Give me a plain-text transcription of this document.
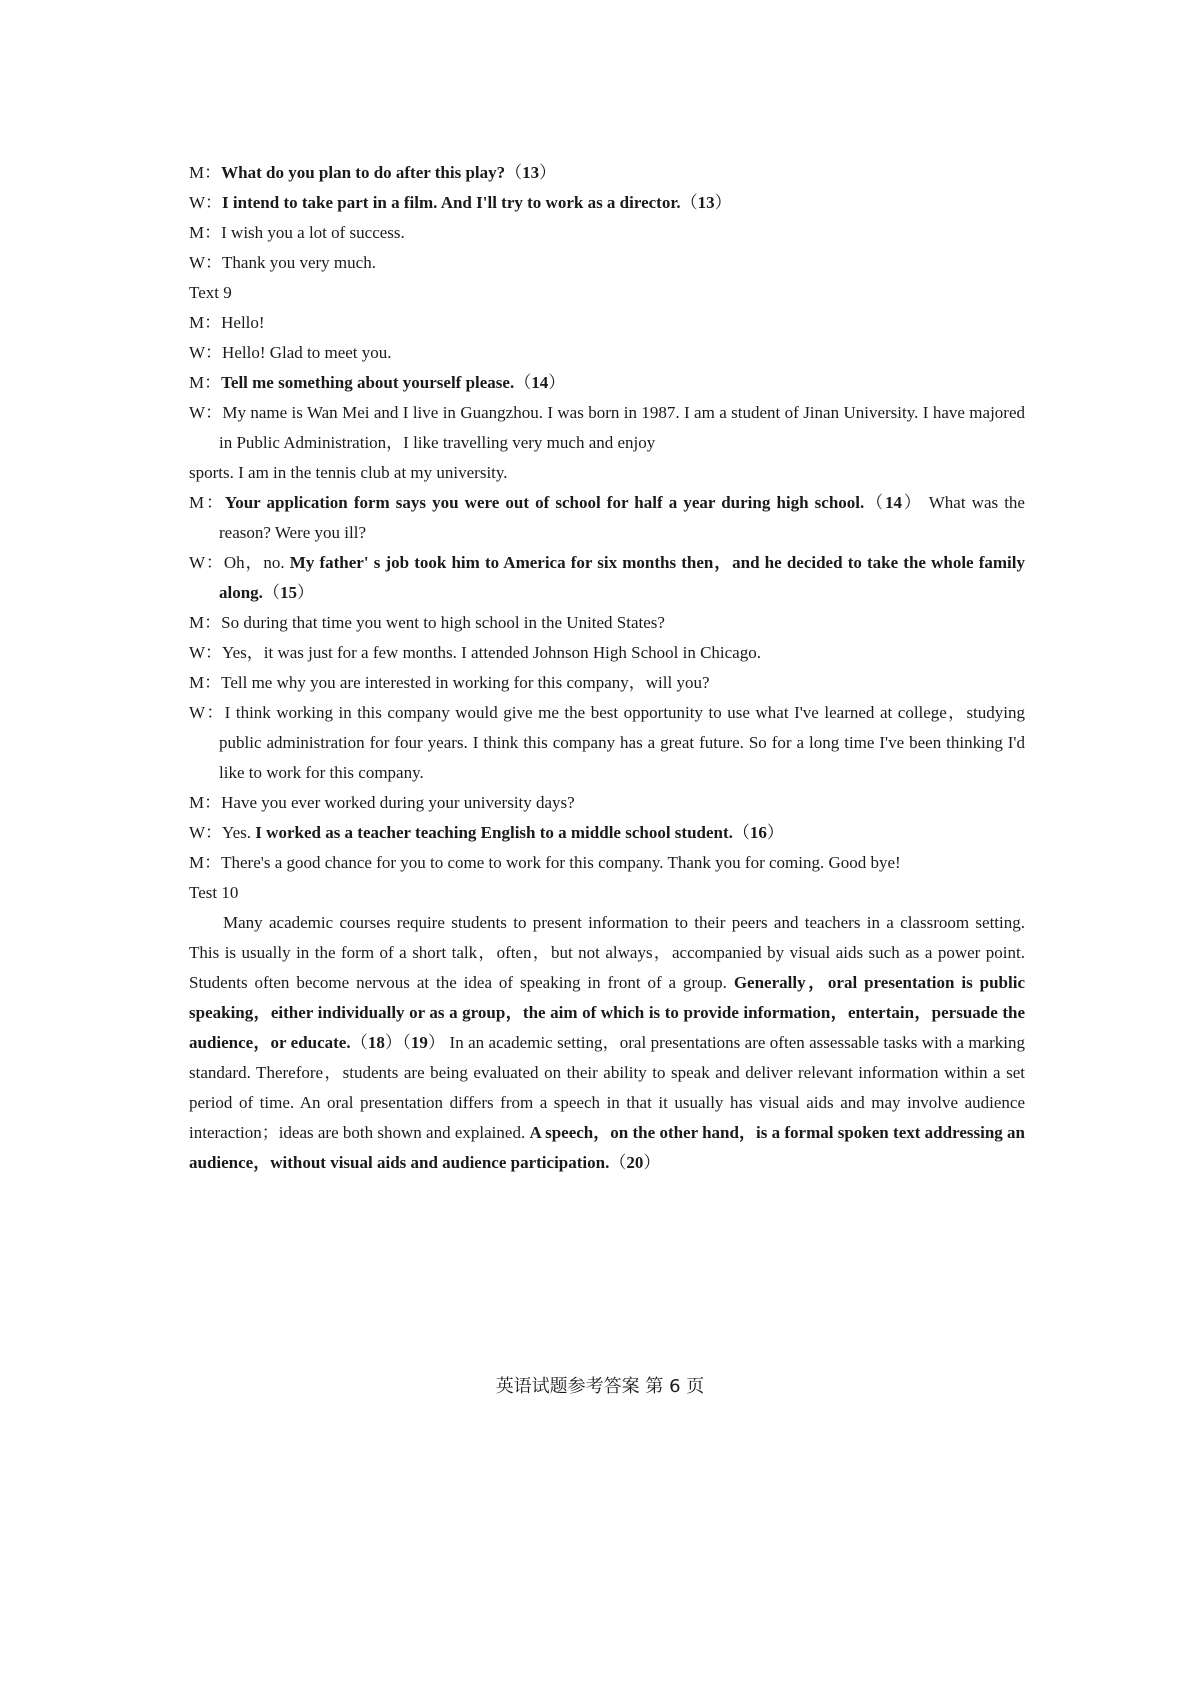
M：What do you plan to do after this play?（13）

W：I intend to take part in a film. And I'll try to work as a director.（13）

M：I wish you a lot of success.

W：Thank you very much.

Text 9

M：Hello!

W：Hello! Glad to meet you.

M：Tell me something about yourself please.（14）

W：My name is Wan Mei and I live in Guangzhou. I was born in 1987. I am a student of Jinan University. I have majored in Public Administration，I like travelling very much and enjoy

sports. I am in the tennis club at my university.

M：Your application form says you were out of school for half a year during high school.（14） What was the reason? Were you ill?

W：Oh，no. My father' s job took him to America for six months then，and he decided to take the whole family along.（15）

M：So during that time you went to high school in the United States?

W：Yes，it was just for a few months. I attended Johnson High School in Chicago.

M：Tell me why you are interested in working for this company，will you?

W：I think working in this company would give me the best opportunity to use what I've learned at college，studying public administration for four years. I think this company has a great future. So for a long time I've been thinking I'd like to work for this company.

M：Have you ever worked during your university days?

W：Yes. I worked as a teacher teaching English to a middle school student.（16）

M：There's a good chance for you to come to work for this company. Thank you for coming. Good bye!

Test 10

Many academic courses require students to present information to their peers and teachers in a classroom setting. This is usually in the form of a short talk，often，but not always，accompanied by visual aids such as a power point. Students often become nervous at the idea of speaking in front of a group. Generally，oral presentation is public speaking，either individually or as a group，the aim of which is to provide information，entertain，persuade the audience，or educate.（18）（19） In an academic setting，oral presentations are often assessable tasks with a marking standard. Therefore，students are being evaluated on their ability to speak and deliver relevant information within a set period of time. An oral presentation differs from a speech in that it usually has visual aids and may involve audience interaction；ideas are both shown and explained. A speech，on the other hand，is a formal spoken text addressing an audience，without visual aids and audience participation.（20）

英语试题参考答案 第 6 页
